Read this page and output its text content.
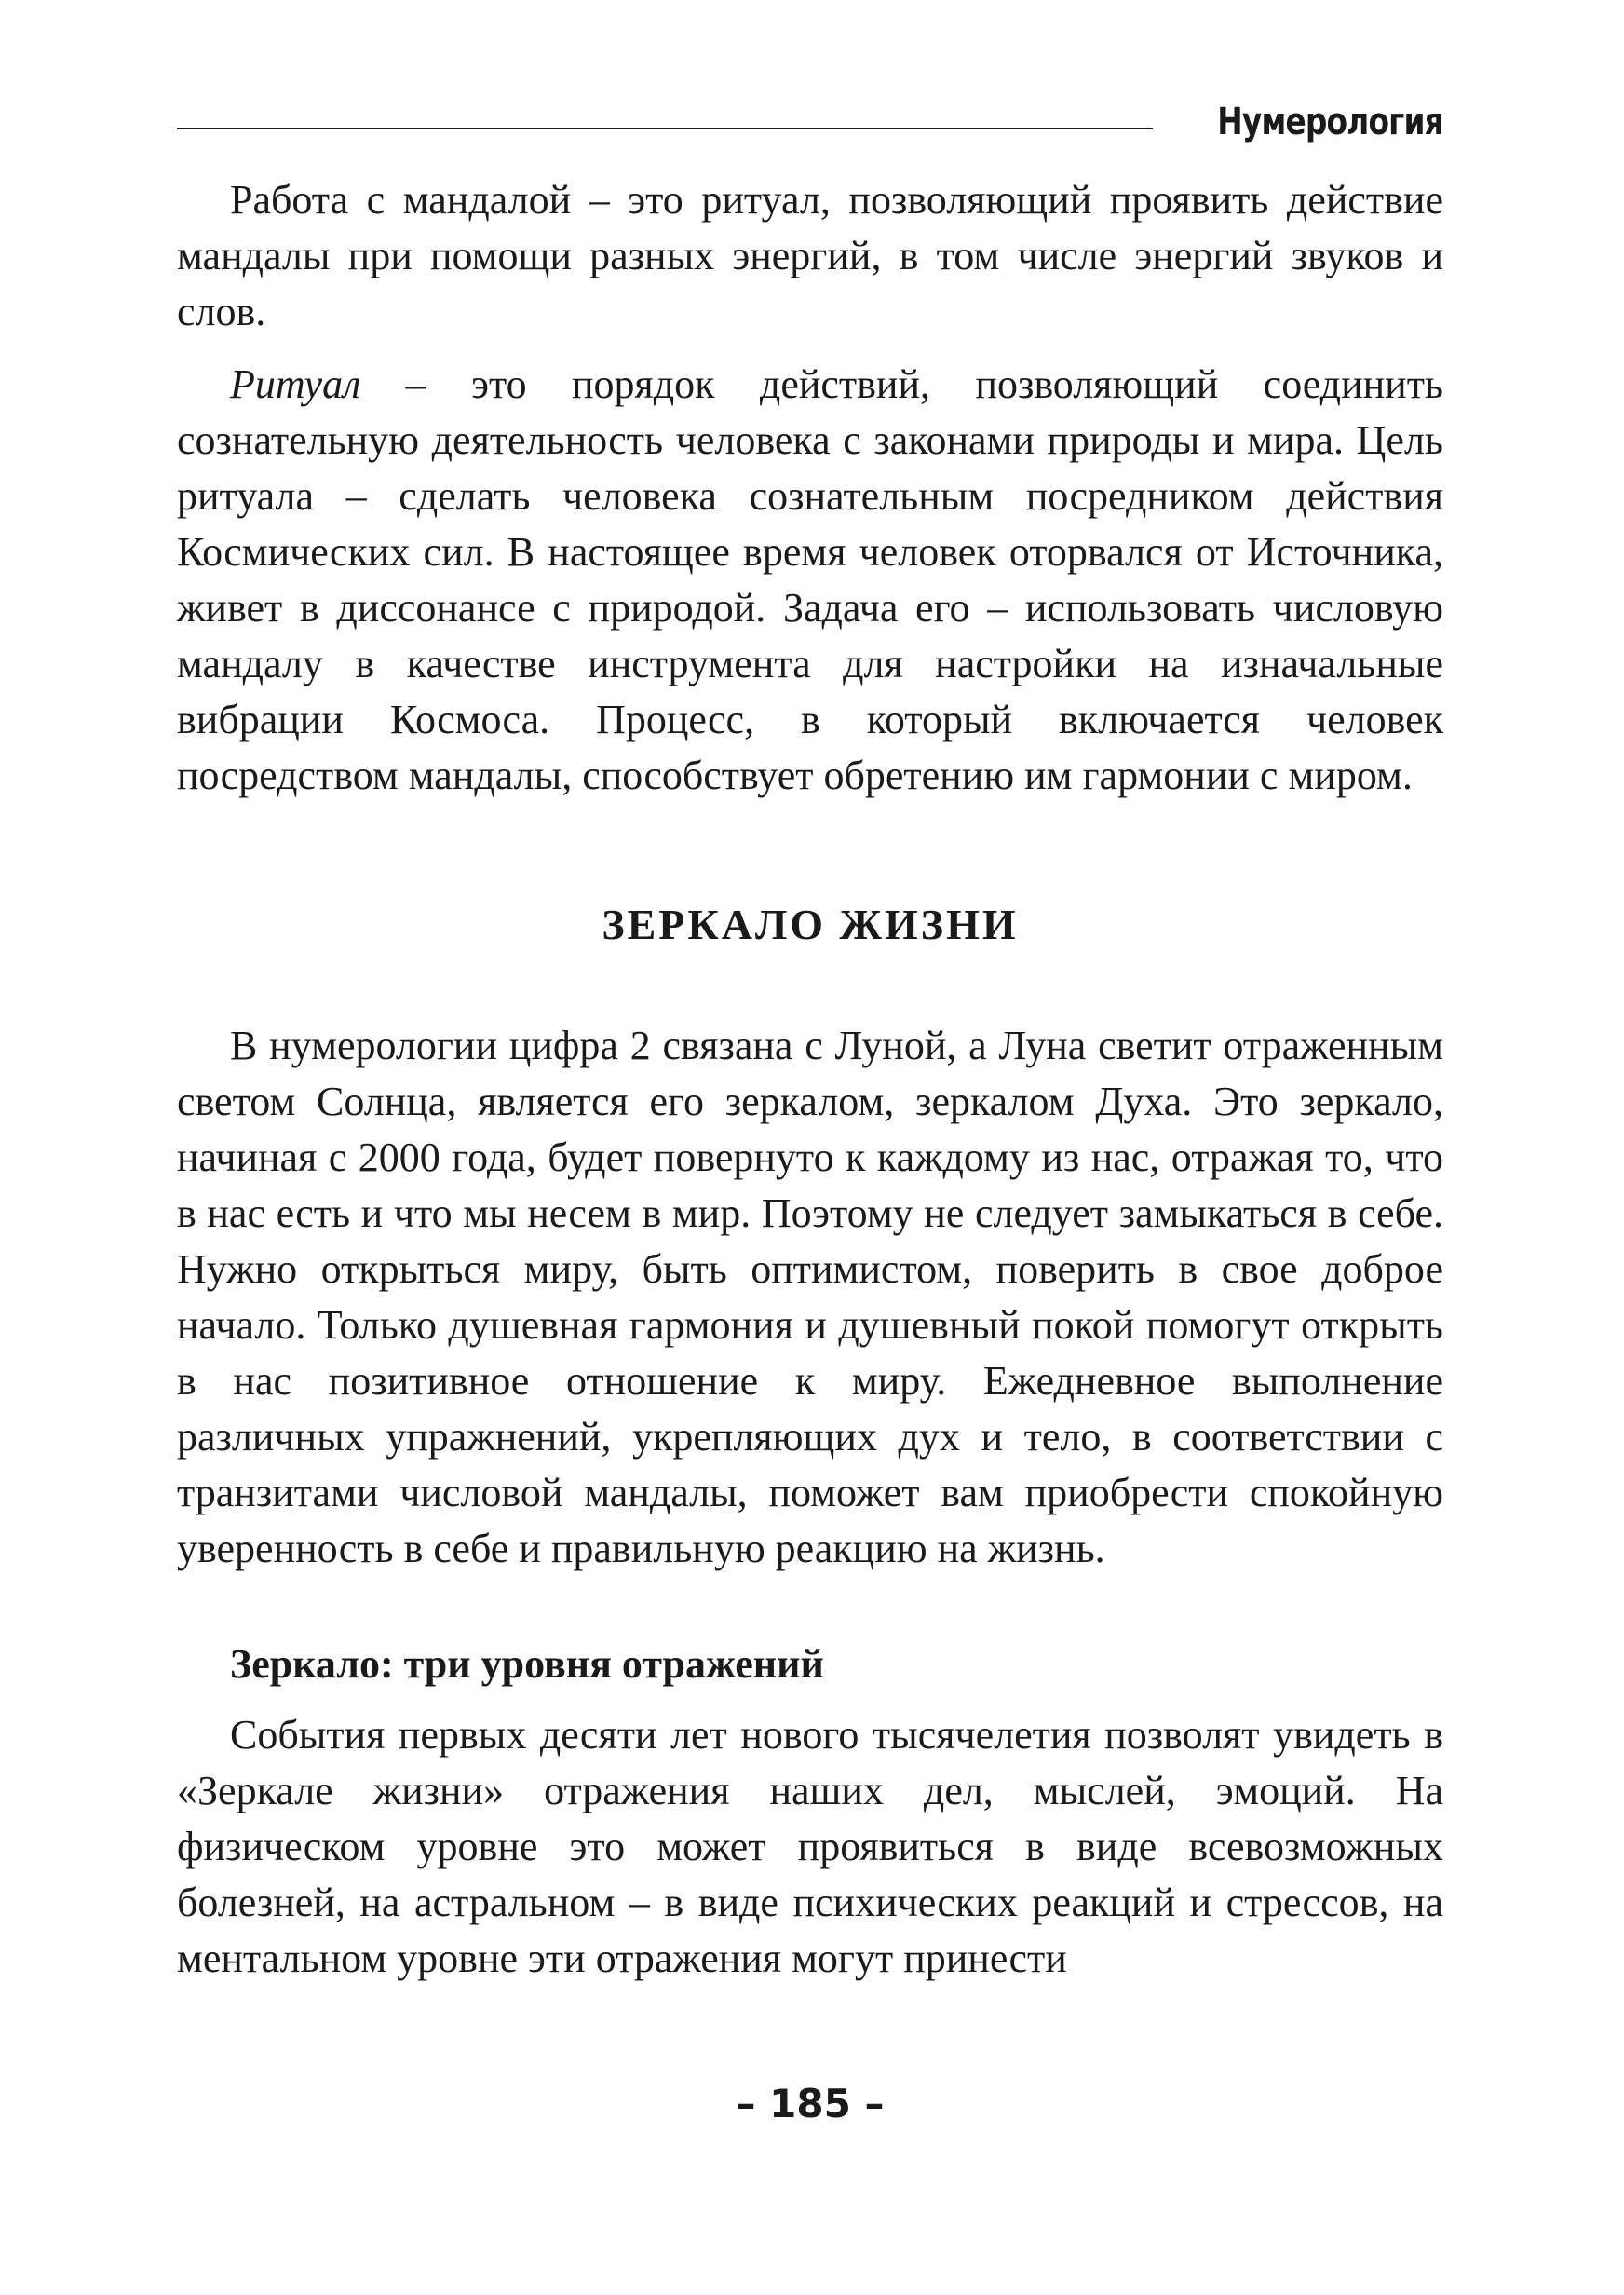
Нумерология

Работа с мандалой – это ритуал, позволяющий проявить действие мандалы при помощи разных энергий, в том числе энергий звуков и слов.

Ритуал – это порядок действий, позволяющий соединить сознательную деятельность человека с законами природы и мира. Цель ритуала – сделать человека сознательным посредником действия Космических сил. В настоящее время человек оторвался от Источника, живет в диссонансе с природой. Задача его – использовать числовую мандалу в качестве инструмента для настройки на изначальные вибрации Космоса. Процесс, в который включается человек посредством мандалы, способствует обретению им гармонии с миром.

ЗЕРКАЛО ЖИЗНИ

В нумерологии цифра 2 связана с Луной, а Луна светит отраженным светом Солнца, является его зеркалом, зеркалом Духа. Это зеркало, начиная с 2000 года, будет повернуто к каждому из нас, отражая то, что в нас есть и что мы несем в мир. Поэтому не следует замыкаться в себе. Нужно открыться миру, быть оптимистом, поверить в свое доброе начало. Только душевная гармония и душевный покой помогут открыть в нас позитивное отношение к миру. Ежедневное выполнение различных упражнений, укрепляющих дух и тело, в соответствии с транзитами числовой мандалы, поможет вам приобрести спокойную уверенность в себе и правильную реакцию на жизнь.

Зеркало: три уровня отражений

События первых десяти лет нового тысячелетия позволят увидеть в «Зеркале жизни» отражения наших дел, мыслей, эмоций. На физическом уровне это может проявиться в виде всевозможных болезней, на астральном – в виде психических реакций и стрессов, на ментальном уровне эти отражения могут принести

– 185 –
